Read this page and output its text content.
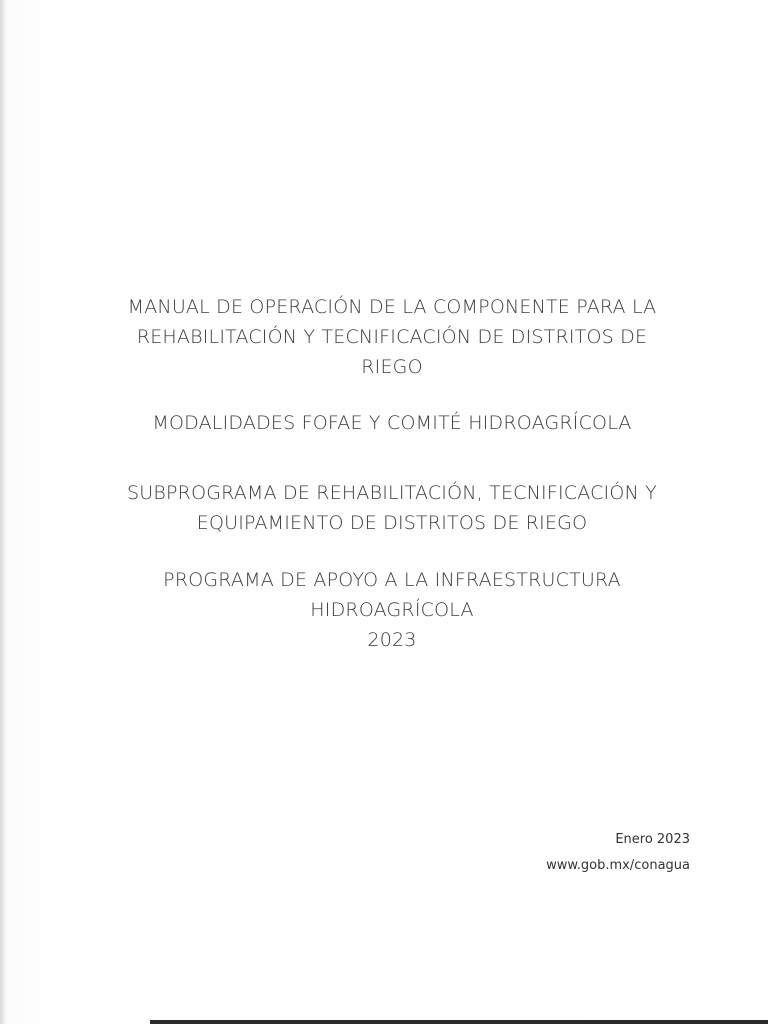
MANUAL DE OPERACIÓN DE LA COMPONENTE PARA LA
REHABILITACIÓN Y TECNIFICACIÓN DE DISTRITOS DE
RIEGO
MODALIDADES FOFAE Y COMITÉ HIDROAGRÍCOLA
SUBPROGRAMA DE REHABILITACIÓN, TECNIFICACIÓN Y
EQUIPAMIENTO DE DISTRITOS DE RIEGO
PROGRAMA DE APOYO A LA INFRAESTRUCTURA
HIDROAGRÍCOLA
2023
Enero 2023
www.gob.mx/conagua
